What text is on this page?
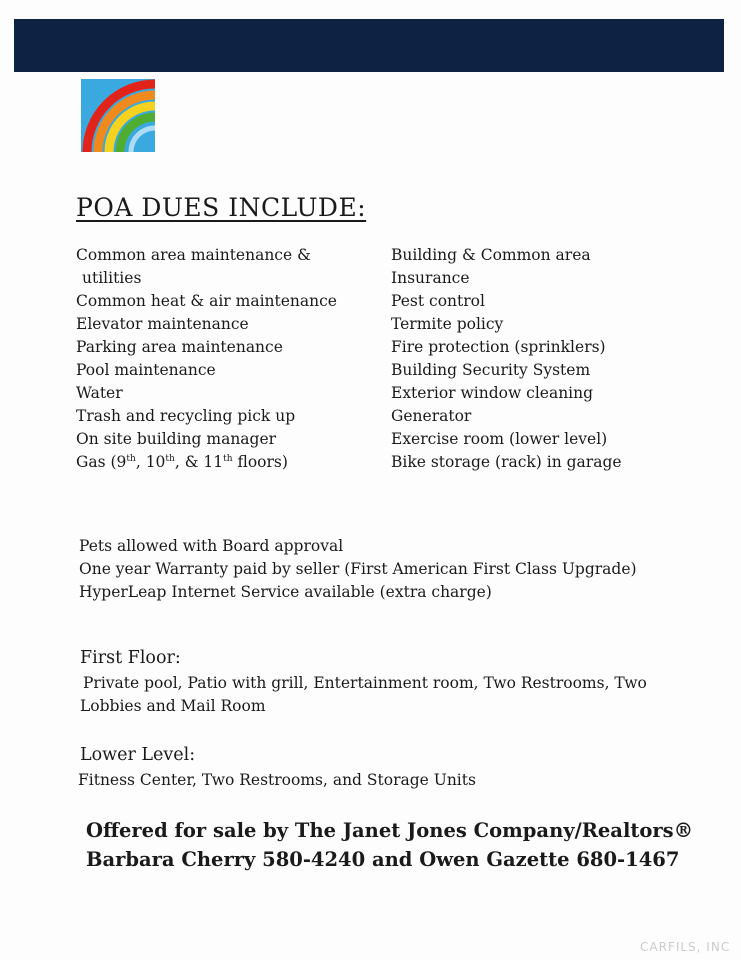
POA DUES INCLUDE:
Common area maintenance &
utilities
Common heat & air maintenance
Elevator maintenance
Parking area maintenance
Pool maintenance
Water
Trash and recycling pick up
On site building manager
Gas (9th, 10th, & 11th floors)
Building & Common area
Insurance
Pest control
Termite policy
Fire protection (sprinklers)
Building Security System
Exterior window cleaning
Generator
Exercise room (lower level)
Bike storage (rack) in garage
Pets allowed with Board approval
One year Warranty paid by seller (First American First Class Upgrade)
HyperLeap Internet Service available (extra charge)
First Floor:

Private pool, Patio with grill, Entertainment room, Two Restrooms, Two Lobbies and Mail Room

Lower Level:

Fitness Center, Two Restrooms, and Storage Units

Offered for sale by The Janet Jones Company/Realtors®
Barbara Cherry 580-4240 and Owen Gazette 680-1467

CARFILS, INC
